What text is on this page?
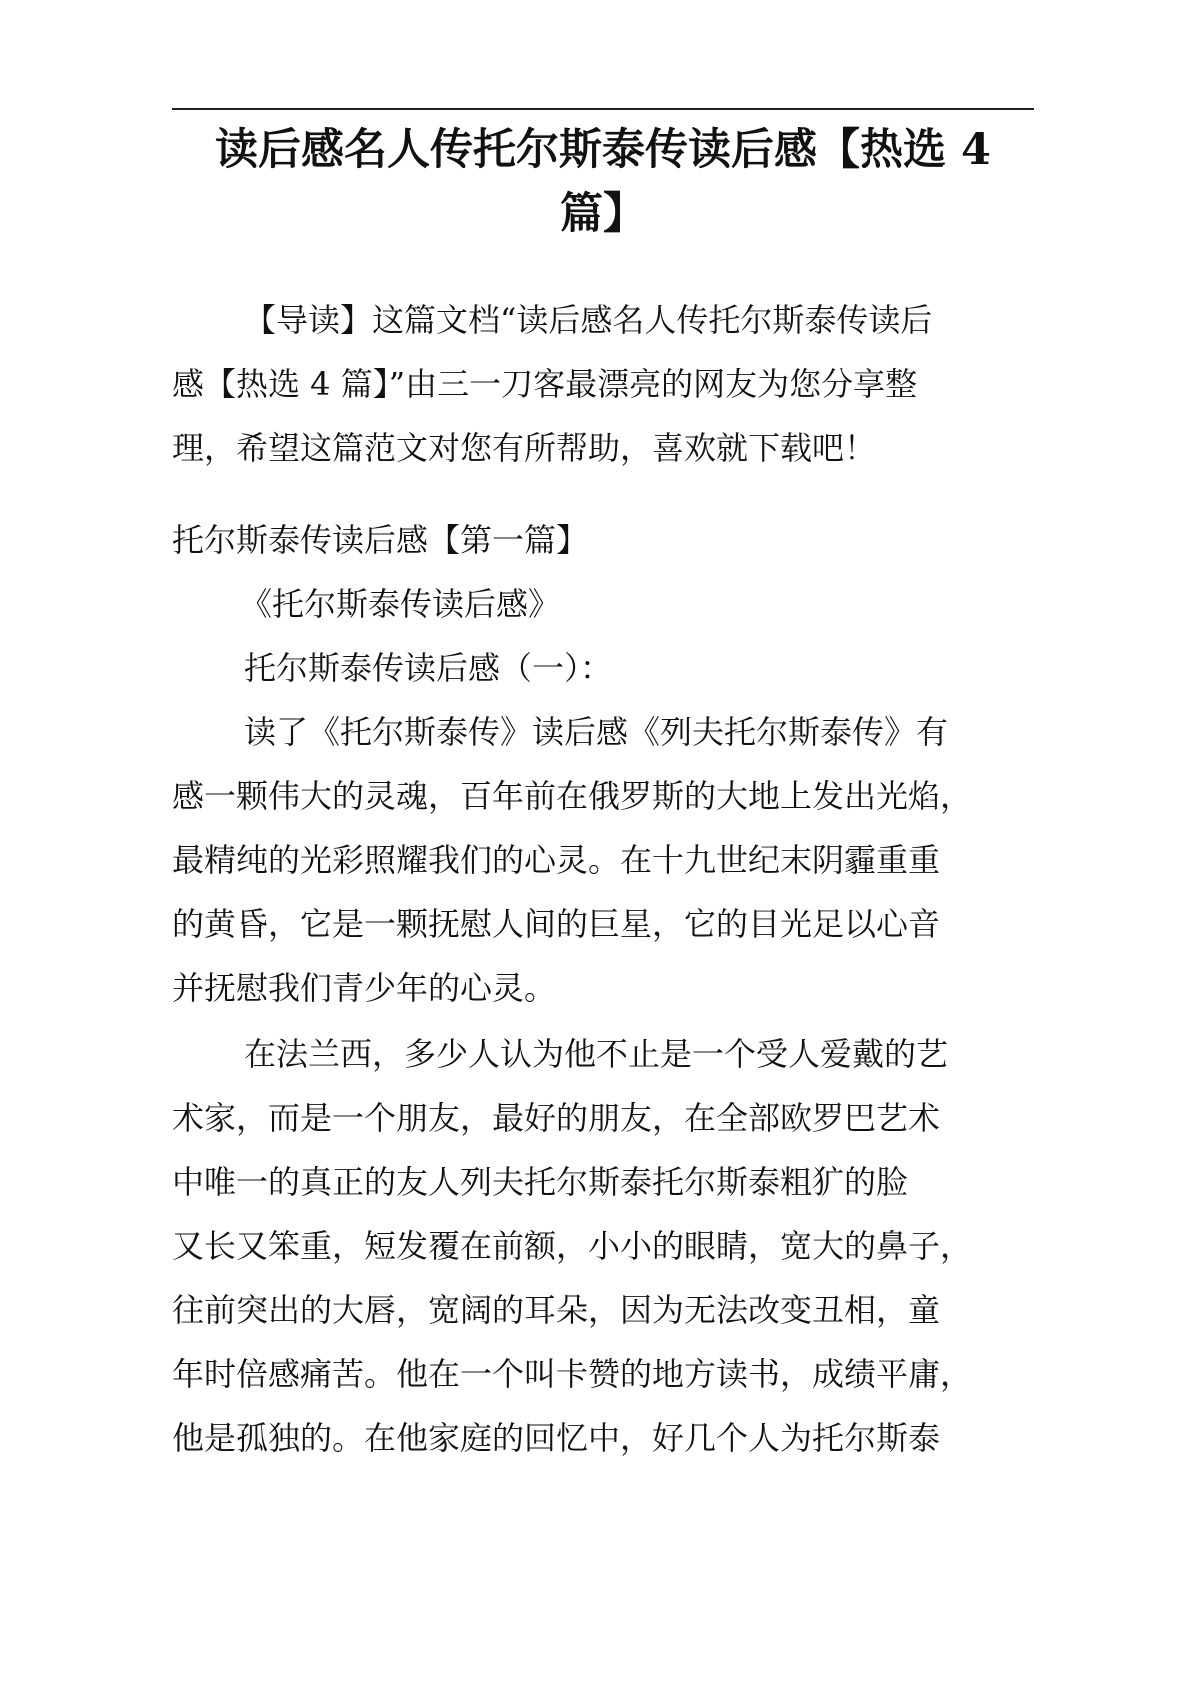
读后感名人传托尔斯泰传读后感【热选 4
篇】

【导读】这篇文档“读后感名人传托尔斯泰传读后
感【热选 4 篇】”由三一刀客最漂亮的网友为您分享整
理，希望这篇范文对您有所帮助，喜欢就下载吧！

托尔斯泰传读后感【第一篇】

《托尔斯泰传读后感》

托尔斯泰传读后感（一）：

读了《托尔斯泰传》读后感《列夫托尔斯泰传》有
感一颗伟大的灵魂，百年前在俄罗斯的大地上发出光焰，
最精纯的光彩照耀我们的心灵。在十九世纪末阴霾重重
的黄昏，它是一颗抚慰人间的巨星，它的目光足以心音
并抚慰我们青少年的心灵。

在法兰西，多少人认为他不止是一个受人爱戴的艺
术家，而是一个朋友，最好的朋友，在全部欧罗巴艺术
中唯一的真正的友人列夫托尔斯泰托尔斯泰粗犷的脸
又长又笨重，短发覆在前额，小小的眼睛，宽大的鼻子，
往前突出的大唇，宽阔的耳朵，因为无法改变丑相，童
年时倍感痛苦。他在一个叫卡赞的地方读书，成绩平庸，
他是孤独的。在他家庭的回忆中，好几个人为托尔斯泰
